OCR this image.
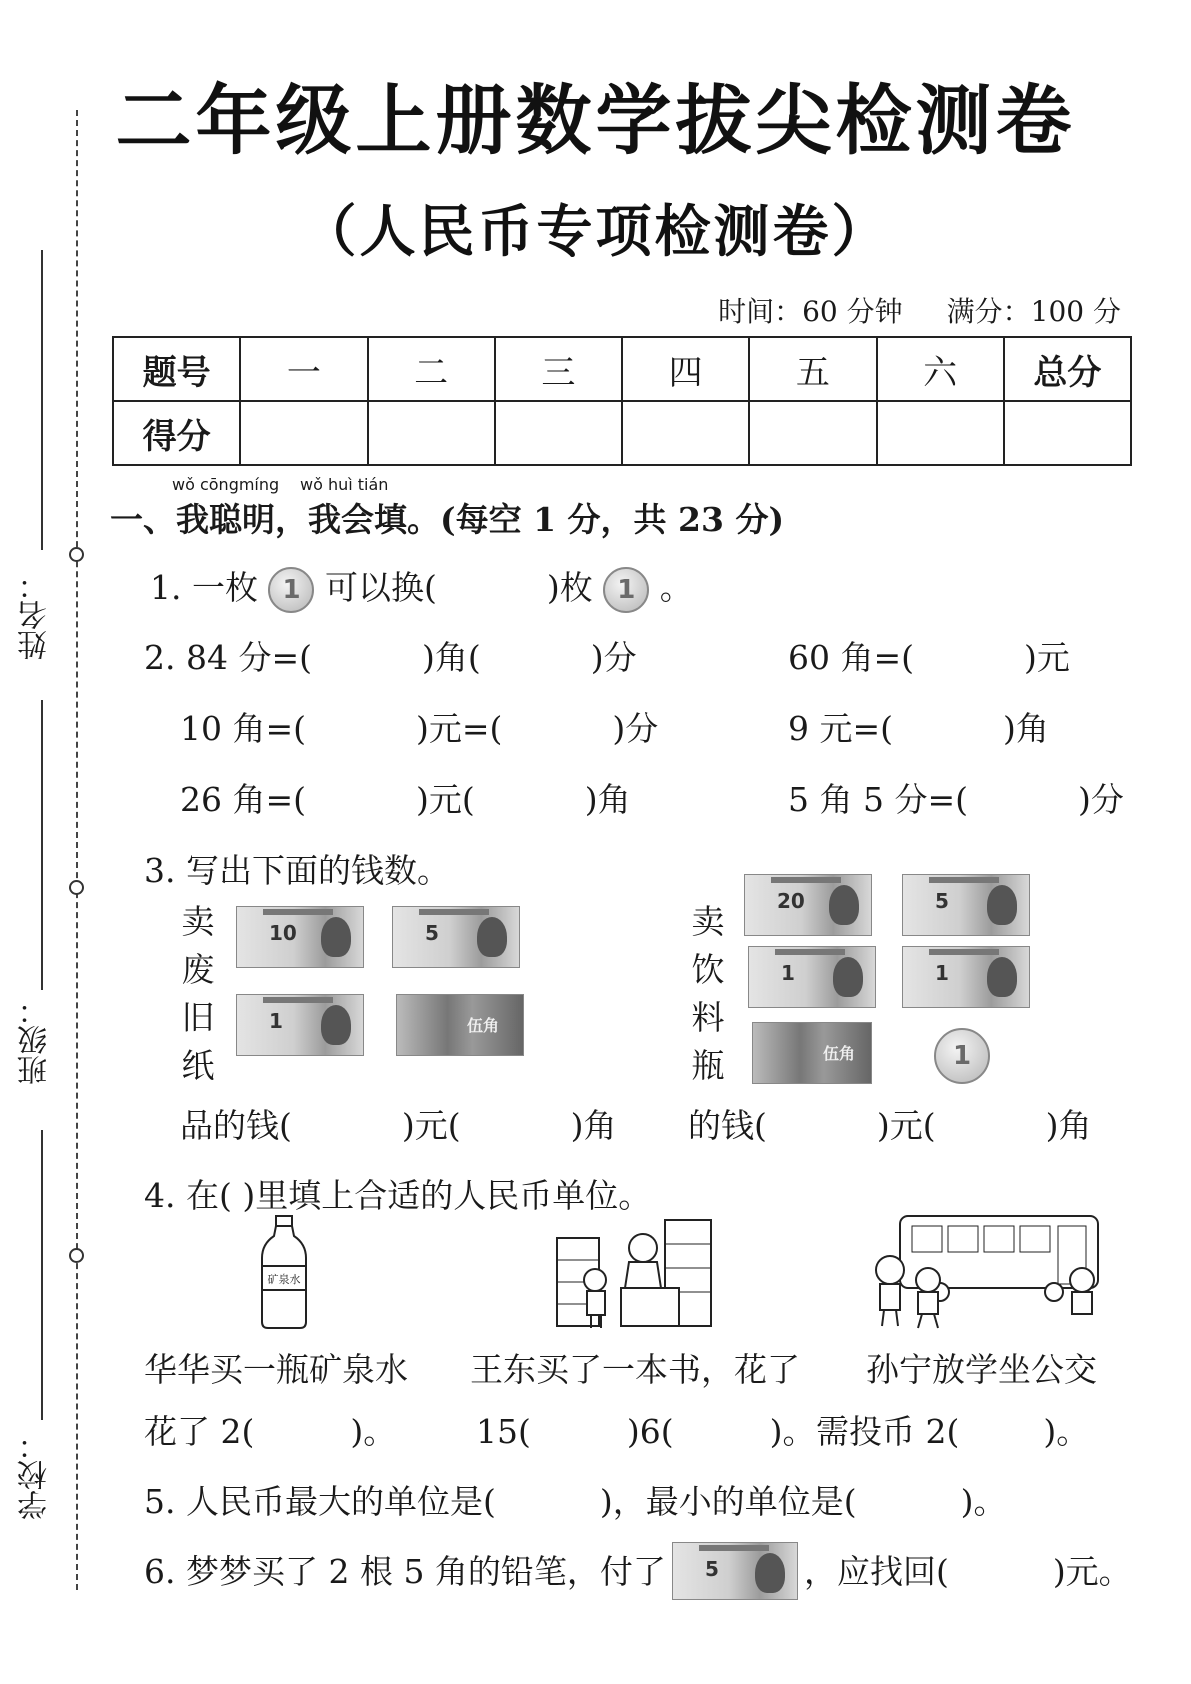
姓名：
班级：
学校：
二年级上册数学拔尖检测卷
（人民币专项检测卷）
时间：60 分钟 满分：100 分
题号	一	二	三	四	五	六	总分
得分							
wǒ cōngmíng wǒ huì tián
一、我聪明，我会填。(每空 1 分，共 23 分)
1. 一枚 1 可以换(	)枚 1 。
2. 84 分=(	)角(	)分	60 角=(	)元
10 角=(	)元=(	)分	9 元=(	)角
26 角=(	)元(	)角	5 角 5 分=(	)分
3. 写出下面的钱数。
卖
废
旧
纸
10	5
1	伍角
卖
饮
料
瓶
20	5
1	1
伍角	1
品的钱(	)元(	)角 的钱(	)元(	)角
4. 在( )里填上合适的人民币单位。
矿泉水
华华买一瓶矿泉水
花了 2(	)。
王东买了一本书，花了
15(	)6(	)。
孙宁放学坐公交
需投币 2(	)。
5. 人民币最大的单位是(	)，最小的单位是(	)。
6. 梦梦买了 2 根 5 角的铅笔，付了 5	，应找回(	)元。
